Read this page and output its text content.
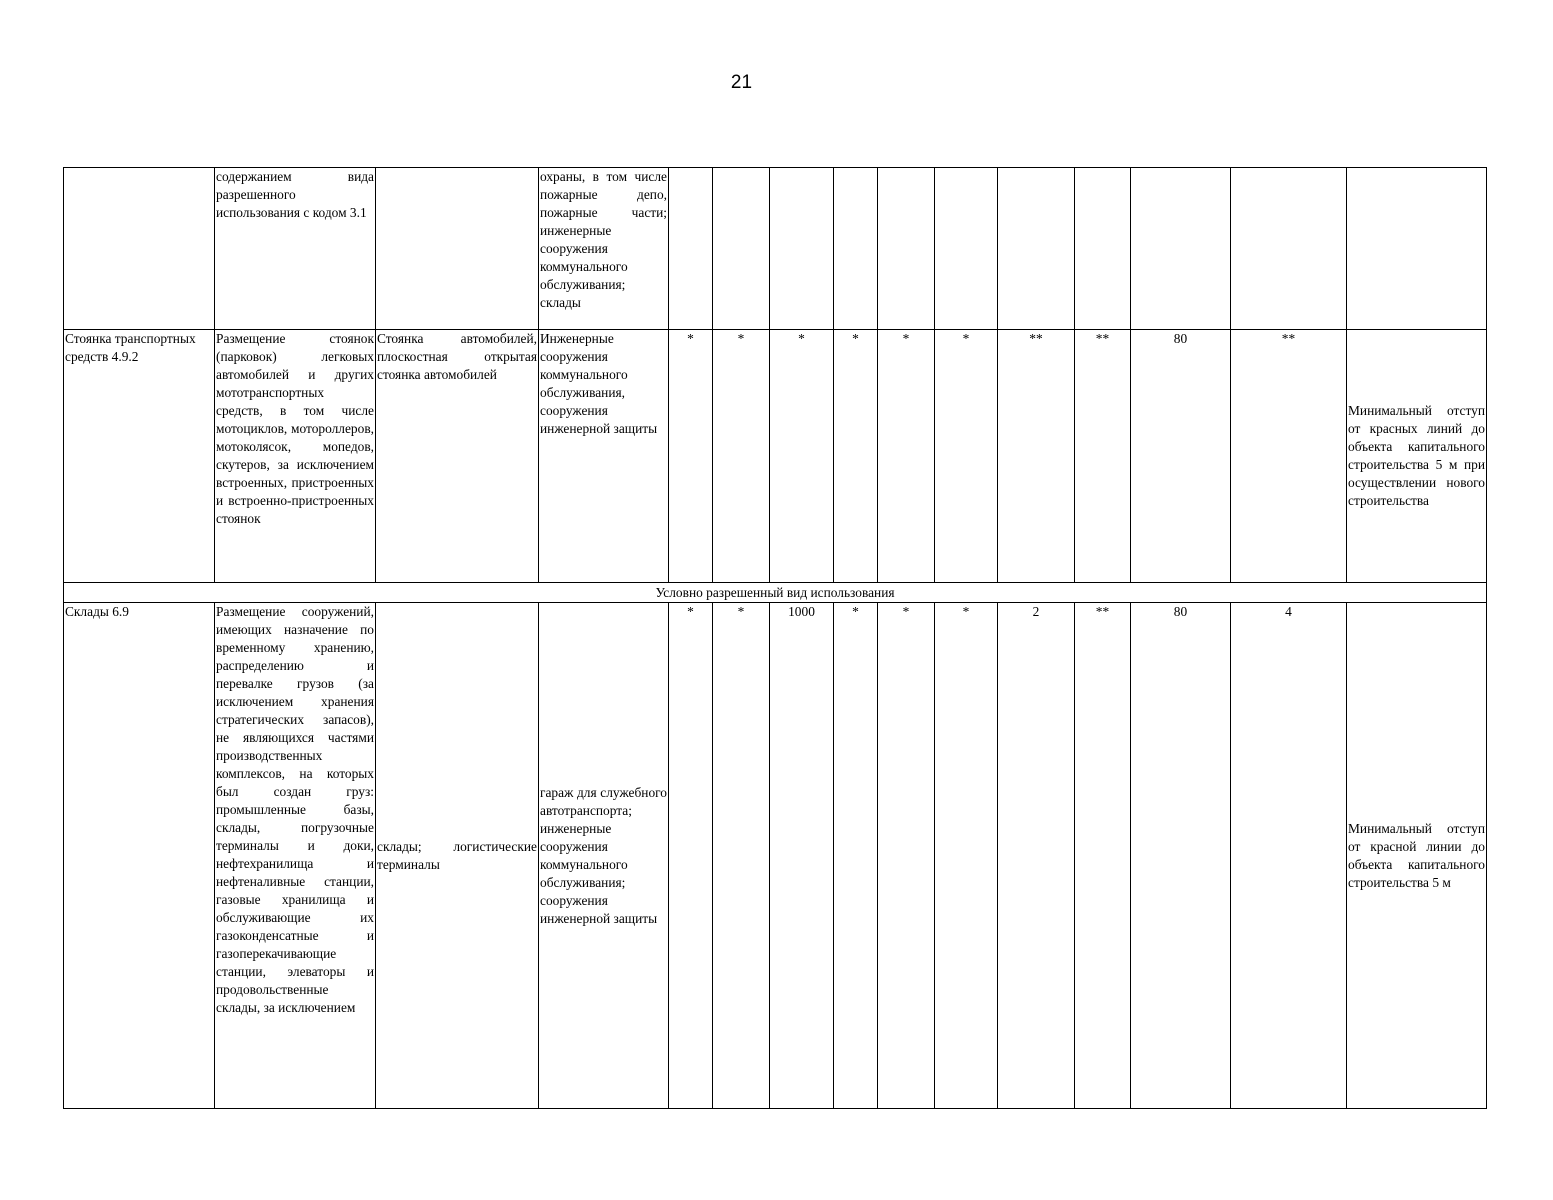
21
	содержанием вида разрешенного использования с кодом 3.1		охраны, в том числе пожарные депо, пожарные части; инженерные сооружения коммунального обслуживания; склады											
Стоянка транспортных средств 4.9.2	Размещение стоянок (парковок) легковых автомобилей и других мототранспортных средств, в том числе мотоциклов, мотороллеров, мотоколясок, мопедов, скутеров, за исключением встроенных, пристроенных и встроенно-пристроенных стоянок	Стоянка автомобилей, плоскостная открытая стоянка автомобилей	Инженерные сооружения коммунального обслуживания, сооружения инженерной защиты	*	*	*	*	*	*	**	**	80	**	Минимальный отступ от красных линий до объекта капитального строительства 5 м при осуществлении нового строительства
Условно разрешенный вид использования														
Склады 6.9	Размещение сооружений, имеющих назначение по временному хранению, распределению и перевалке грузов (за исключением хранения стратегических запасов), не являющихся частями производственных комплексов, на которых был создан груз: промышленные базы, склады, погрузочные терминалы и доки, нефтехранилища и нефтеналивные станции, газовые хранилища и обслуживающие их газоконденсатные и газоперекачивающие станции, элеваторы и продовольственные склады, за исключением	склады; логистические терминалы	гараж для служебного автотранспорта; инженерные сооружения коммунального обслуживания; сооружения инженерной защиты	*	*	1000	*	*	*	2	**	80	4	Минимальный отступ от красной линии до объекта капитального строительства 5 м
